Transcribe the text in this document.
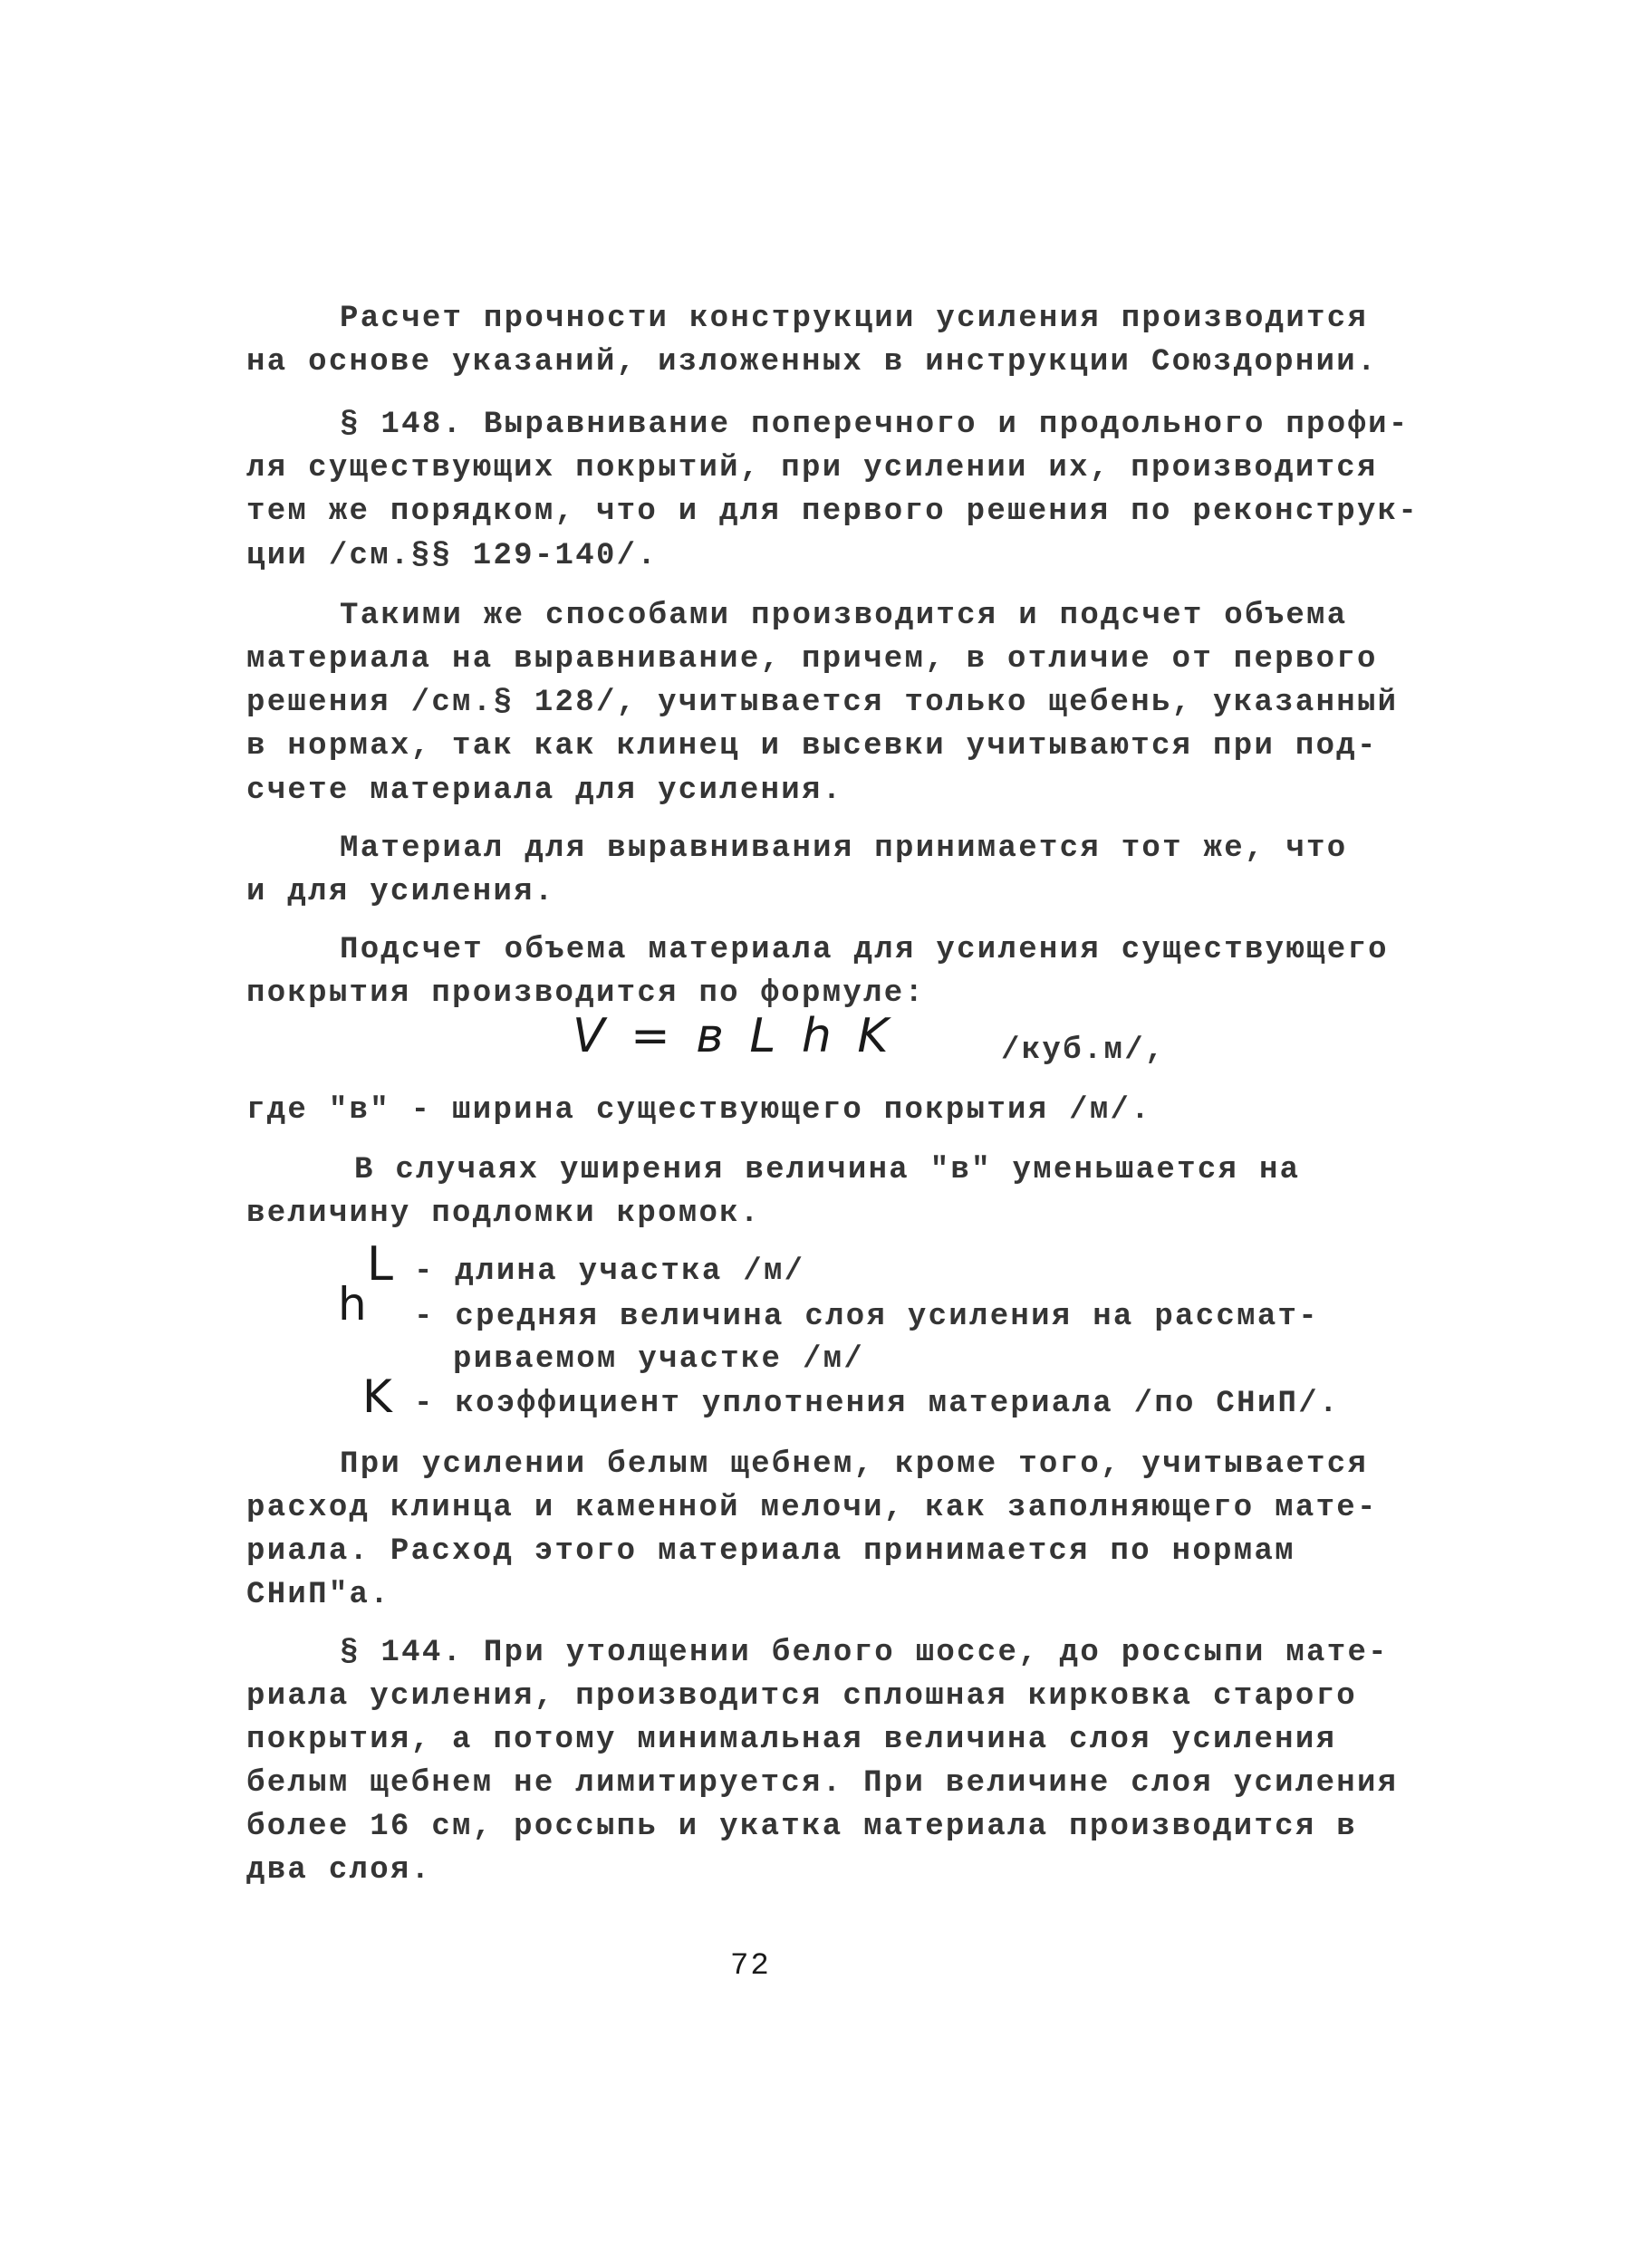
Расчет прочности конструкции усиления производится
на основе указаний, изложенных в инструкции Союздорнии.
§ 148. Выравнивание поперечного и продольного профи-
ля существующих покрытий, при усилении их, производится
тем же порядком, что и для первого решения по реконструк-
ции /см.§§ 129-140/.
Такими же способами производится и подсчет объема
материала на выравнивание, причем, в отличие от первого
решения /см.§ 128/, учитывается только щебень, указанный
в нормах, так как клинец и высевки учитываются при под-
счете материала для усиления.
Материал для выравнивания принимается тот же, что
и для усиления.
Подсчет объема материала для усиления существующего
покрытия производится по формуле:
V = в L h K	/куб.м/,
где "в" - ширина существующего покрытия /м/.
В случаях уширения величина "в" уменьшается на
величину подломки кромок.
L - длина участка /м/
h - средняя величина слоя усиления на рассмат-
риваемом участке /м/
K - коэффициент уплотнения материала /по СНиП/.
При усилении белым щебнем, кроме того, учитывается
расход клинца и каменной мелочи, как заполняющего мате-
риала. Расход этого материала принимается по нормам
СНиП"а.
§ 144. При утолщении белого шоссе, до россыпи мате-
риала усиления, производится сплошная кирковка старого
покрытия, а потому минимальная величина слоя усиления
белым щебнем не лимитируется. При величине слоя усиления
более 16 см, россыпь и укатка материала производится в
два слоя.
72
